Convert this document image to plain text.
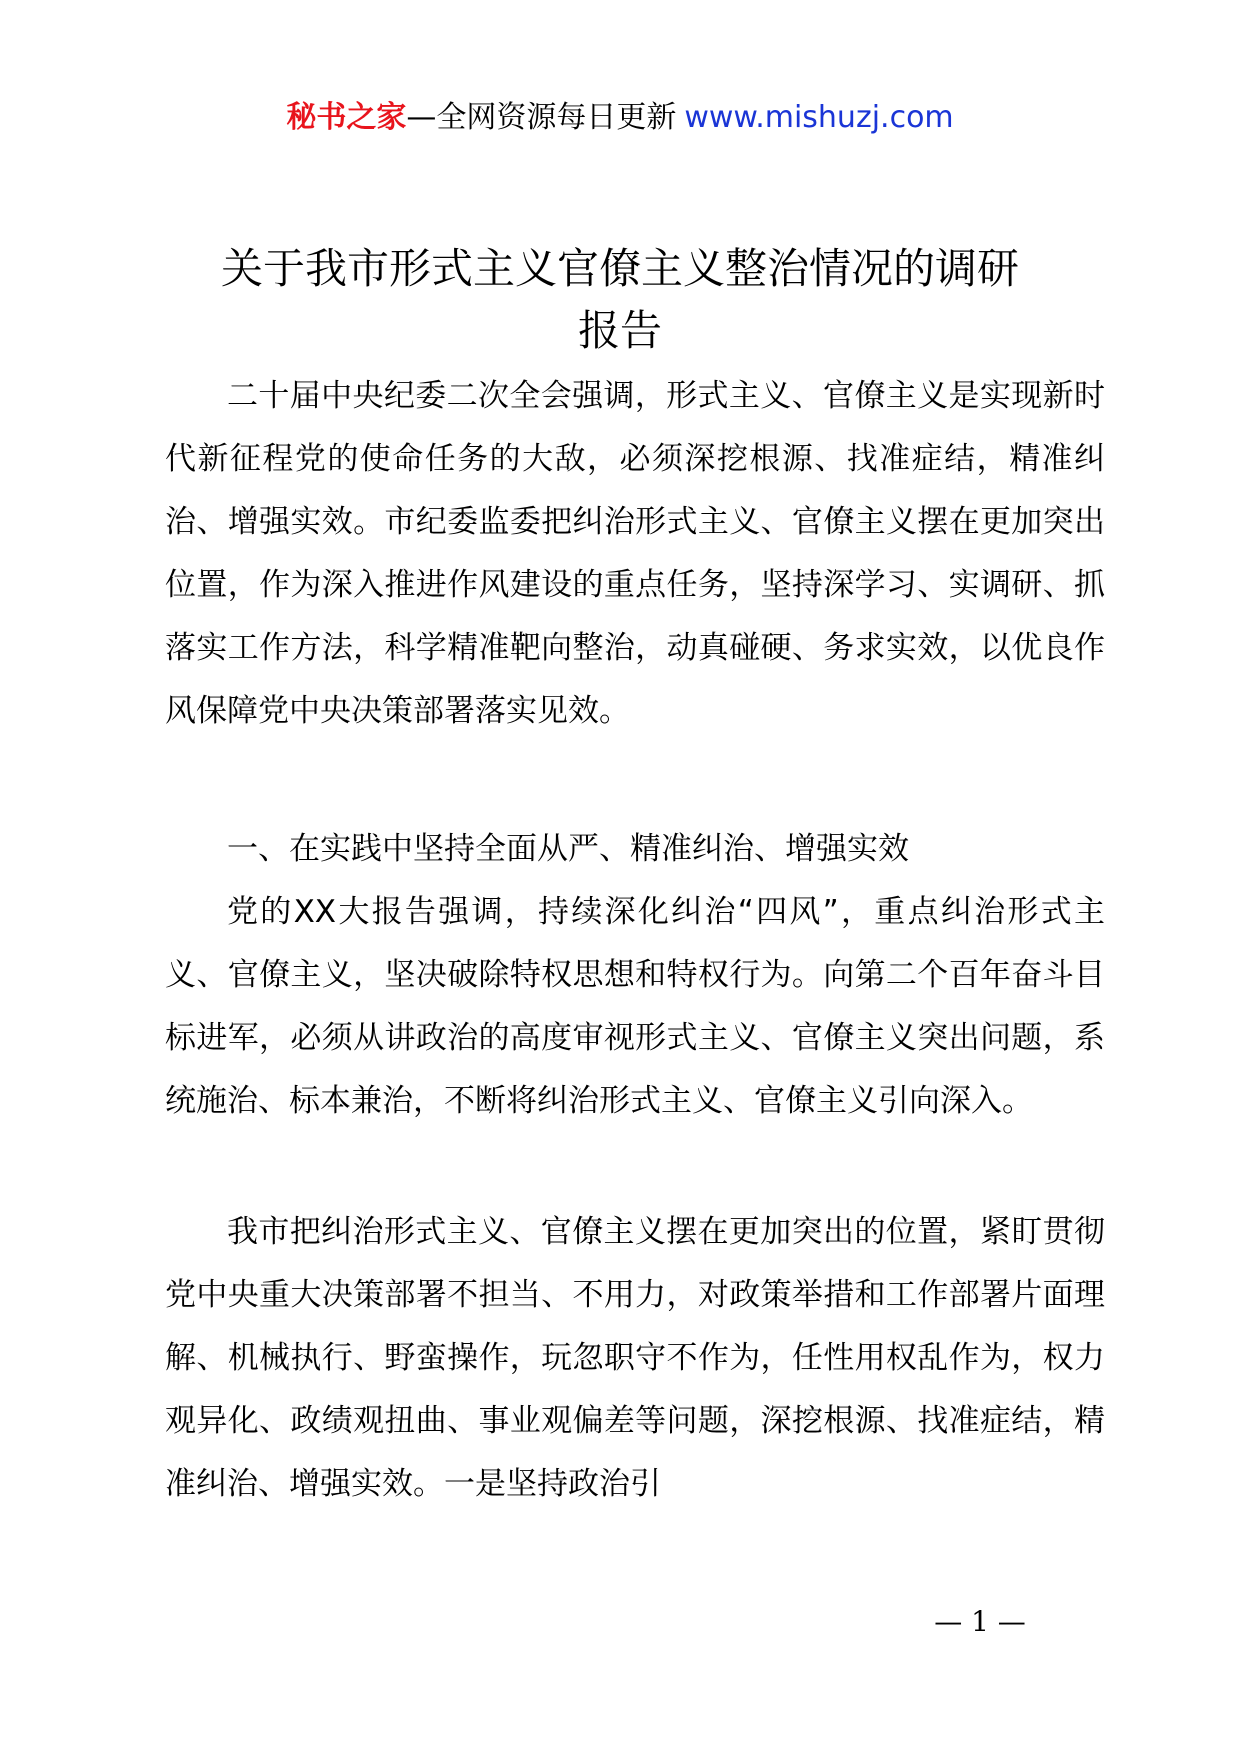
秘书之家—全网资源每日更新 www.mishuzj.com
关于我市形式主义官僚主义整治情况的调研
报告

二十届中央纪委二次全会强调，形式主义、官僚主义是实现新时代新征程党的使命任务的大敌，必须深挖根源、找准症结，精准纠治、增强实效。市纪委监委把纠治形式主义、官僚主义摆在更加突出位置，作为深入推进作风建设的重点任务，坚持深学习、实调研、抓落实工作方法，科学精准靶向整治，动真碰硬、务求实效，以优良作风保障党中央决策部署落实见效。

一、在实践中坚持全面从严、精准纠治、增强实效

党的XX大报告强调，持续深化纠治“四风”，重点纠治形式主义、官僚主义，坚决破除特权思想和特权行为。向第二个百年奋斗目标进军，必须从讲政治的高度审视形式主义、官僚主义突出问题，系统施治、标本兼治，不断将纠治形式主义、官僚主义引向深入。

我市把纠治形式主义、官僚主义摆在更加突出的位置，紧盯贯彻党中央重大决策部署不担当、不用力，对政策举措和工作部署片面理解、机械执行、野蛮操作，玩忽职守不作为，任性用权乱作为，权力观异化、政绩观扭曲、事业观偏差等问题，深挖根源、找准症结，精准纠治、增强实效。一是坚持政治引

— 1 —
